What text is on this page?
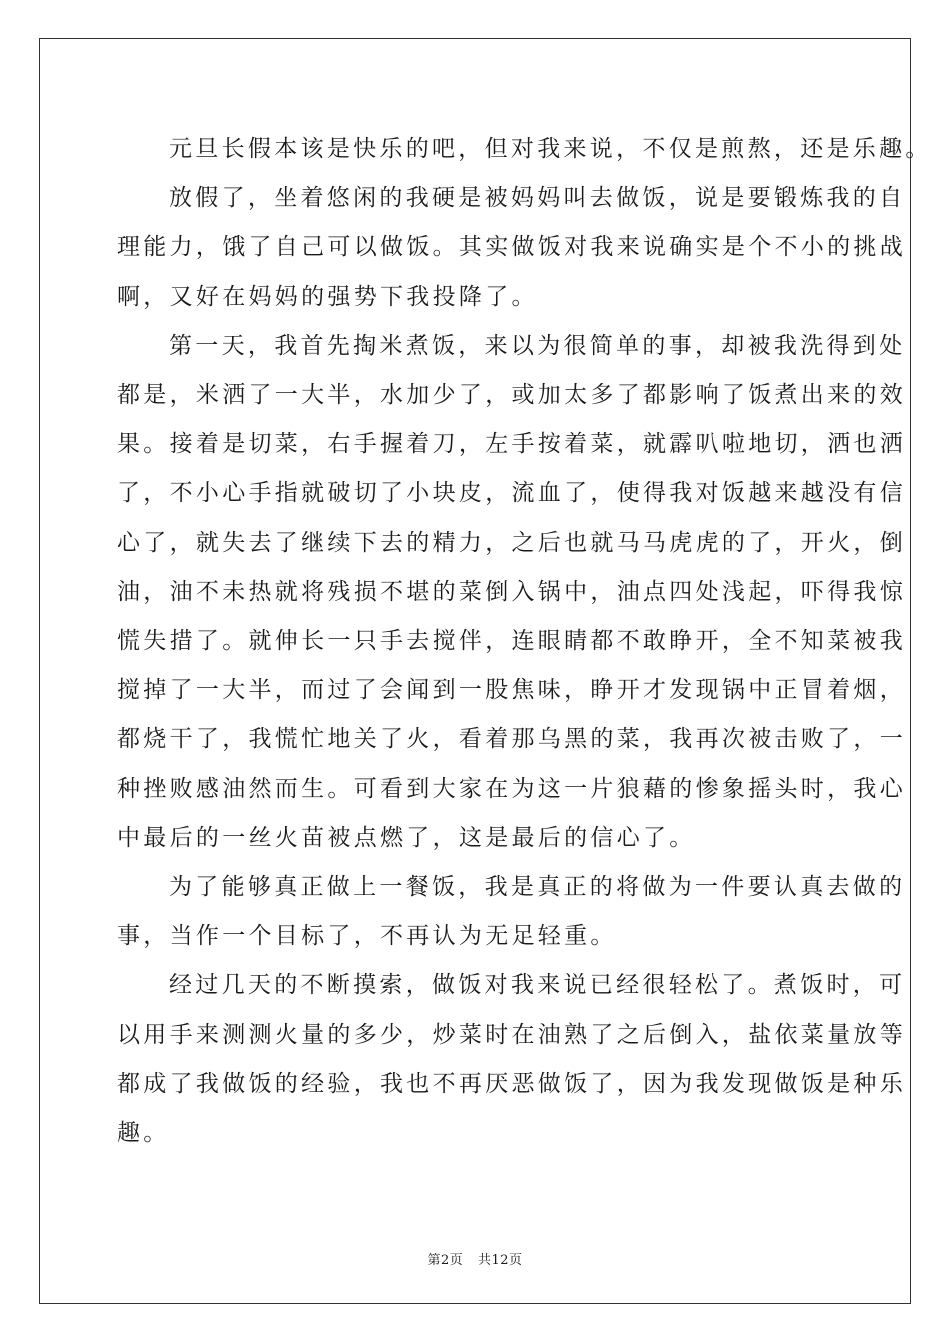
元旦长假本该是快乐的吧，但对我来说，不仅是煎熬，还是乐趣。
放假了，坐着悠闲的我硬是被妈妈叫去做饭，说是要锻炼我的自
理能力，饿了自己可以做饭。其实做饭对我来说确实是个不小的挑战
啊，又好在妈妈的强势下我投降了。
第一天，我首先掏米煮饭，来以为很简单的事，却被我洗得到处
都是，米洒了一大半，水加少了，或加太多了都影响了饭煮出来的效
果。接着是切菜，右手握着刀，左手按着菜，就霹叭啦地切，洒也洒
了，不小心手指就破切了小块皮，流血了，使得我对饭越来越没有信
心了，就失去了继续下去的精力，之后也就马马虎虎的了，开火，倒
油，油不未热就将残损不堪的菜倒入锅中，油点四处浅起，吓得我惊
慌失措了。就伸长一只手去搅伴，连眼睛都不敢睁开，全不知菜被我
搅掉了一大半，而过了会闻到一股焦味，睁开才发现锅中正冒着烟，
都烧干了，我慌忙地关了火，看着那乌黑的菜，我再次被击败了，一
种挫败感油然而生。可看到大家在为这一片狼藉的惨象摇头时，我心
中最后的一丝火苗被点燃了，这是最后的信心了。
为了能够真正做上一餐饭，我是真正的将做为一件要认真去做的
事，当作一个目标了，不再认为无足轻重。
经过几天的不断摸索，做饭对我来说已经很轻松了。煮饭时，可
以用手来测测火量的多少，炒菜时在油熟了之后倒入，盐依菜量放等
都成了我做饭的经验，我也不再厌恶做饭了，因为我发现做饭是种乐
趣。
第2页 共12页
